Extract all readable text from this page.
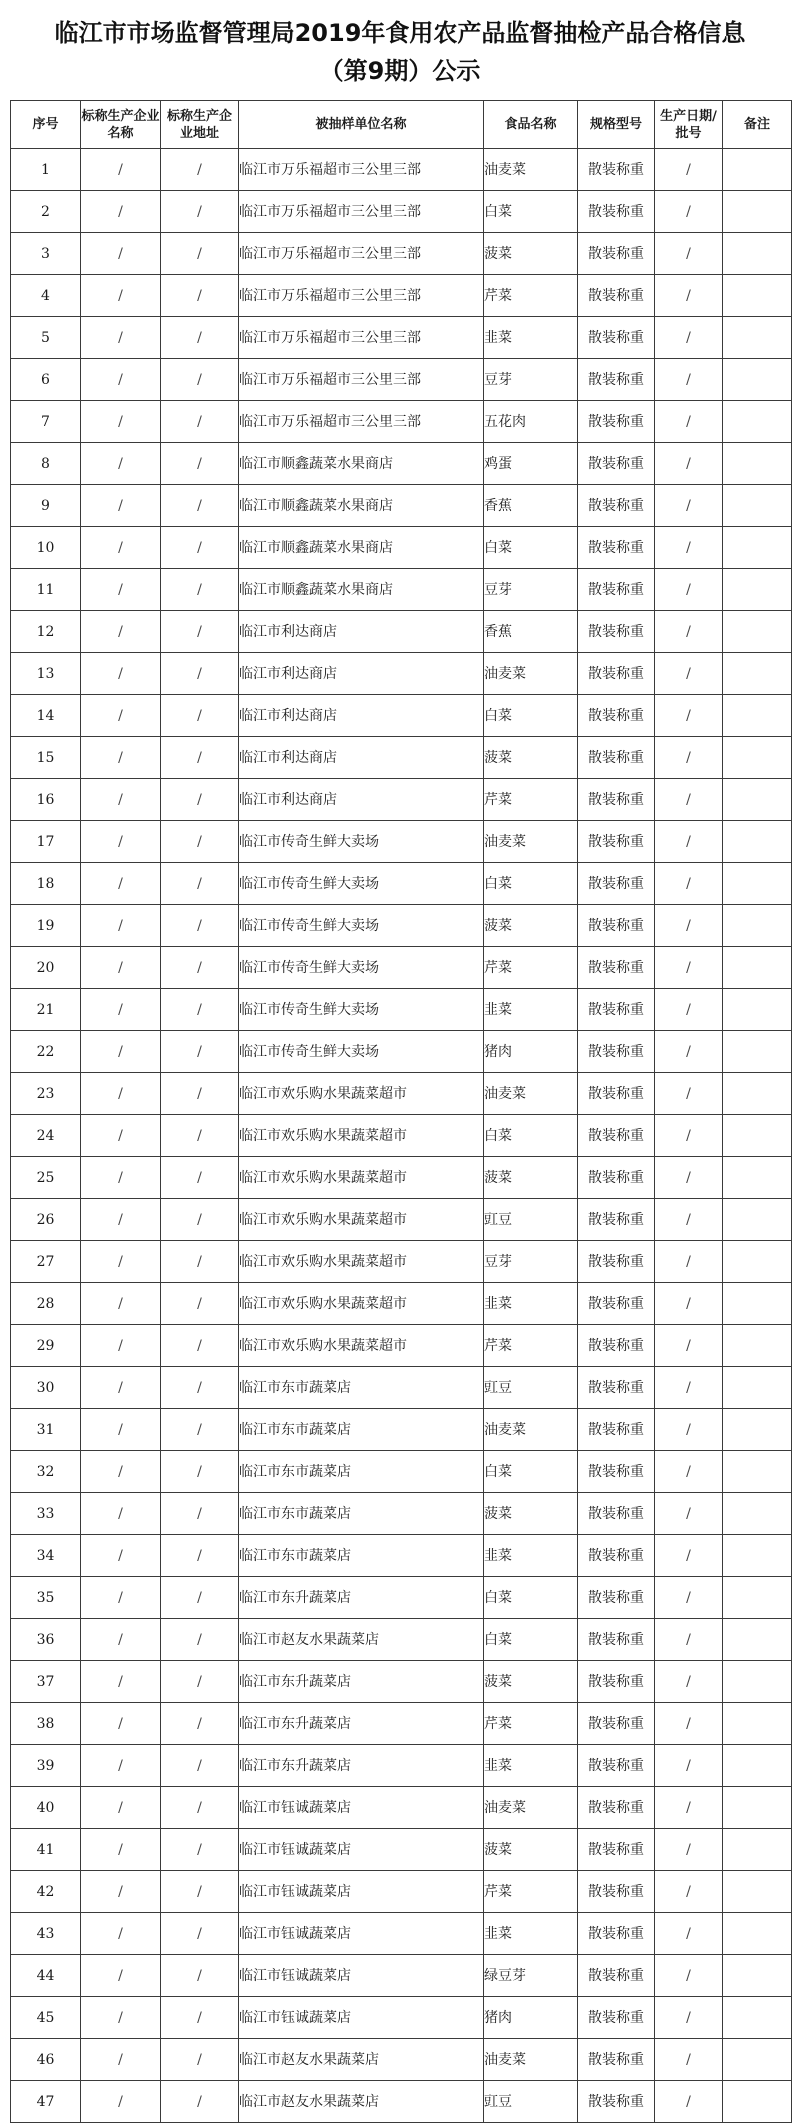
临江市市场监督管理局2019年食用农产品监督抽检产品合格信息
（第9期）公示
序号	标称生产企业名称	标称生产企业地址	被抽样单位名称	食品名称	规格型号	生产日期/批号	备注
1	/	/	临江市万乐福超市三公里三部	油麦菜	散装称重	/	
2	/	/	临江市万乐福超市三公里三部	白菜	散装称重	/	
3	/	/	临江市万乐福超市三公里三部	菠菜	散装称重	/	
4	/	/	临江市万乐福超市三公里三部	芹菜	散装称重	/	
5	/	/	临江市万乐福超市三公里三部	韭菜	散装称重	/	
6	/	/	临江市万乐福超市三公里三部	豆芽	散装称重	/	
7	/	/	临江市万乐福超市三公里三部	五花肉	散装称重	/	
8	/	/	临江市顺鑫蔬菜水果商店	鸡蛋	散装称重	/	
9	/	/	临江市顺鑫蔬菜水果商店	香蕉	散装称重	/	
10	/	/	临江市顺鑫蔬菜水果商店	白菜	散装称重	/	
11	/	/	临江市顺鑫蔬菜水果商店	豆芽	散装称重	/	
12	/	/	临江市利达商店	香蕉	散装称重	/	
13	/	/	临江市利达商店	油麦菜	散装称重	/	
14	/	/	临江市利达商店	白菜	散装称重	/	
15	/	/	临江市利达商店	菠菜	散装称重	/	
16	/	/	临江市利达商店	芹菜	散装称重	/	
17	/	/	临江市传奇生鲜大卖场	油麦菜	散装称重	/	
18	/	/	临江市传奇生鲜大卖场	白菜	散装称重	/	
19	/	/	临江市传奇生鲜大卖场	菠菜	散装称重	/	
20	/	/	临江市传奇生鲜大卖场	芹菜	散装称重	/	
21	/	/	临江市传奇生鲜大卖场	韭菜	散装称重	/	
22	/	/	临江市传奇生鲜大卖场	猪肉	散装称重	/	
23	/	/	临江市欢乐购水果蔬菜超市	油麦菜	散装称重	/	
24	/	/	临江市欢乐购水果蔬菜超市	白菜	散装称重	/	
25	/	/	临江市欢乐购水果蔬菜超市	菠菜	散装称重	/	
26	/	/	临江市欢乐购水果蔬菜超市	豇豆	散装称重	/	
27	/	/	临江市欢乐购水果蔬菜超市	豆芽	散装称重	/	
28	/	/	临江市欢乐购水果蔬菜超市	韭菜	散装称重	/	
29	/	/	临江市欢乐购水果蔬菜超市	芹菜	散装称重	/	
30	/	/	临江市东市蔬菜店	豇豆	散装称重	/	
31	/	/	临江市东市蔬菜店	油麦菜	散装称重	/	
32	/	/	临江市东市蔬菜店	白菜	散装称重	/	
33	/	/	临江市东市蔬菜店	菠菜	散装称重	/	
34	/	/	临江市东市蔬菜店	韭菜	散装称重	/	
35	/	/	临江市东升蔬菜店	白菜	散装称重	/	
36	/	/	临江市赵友水果蔬菜店	白菜	散装称重	/	
37	/	/	临江市东升蔬菜店	菠菜	散装称重	/	
38	/	/	临江市东升蔬菜店	芹菜	散装称重	/	
39	/	/	临江市东升蔬菜店	韭菜	散装称重	/	
40	/	/	临江市钰诚蔬菜店	油麦菜	散装称重	/	
41	/	/	临江市钰诚蔬菜店	菠菜	散装称重	/	
42	/	/	临江市钰诚蔬菜店	芹菜	散装称重	/	
43	/	/	临江市钰诚蔬菜店	韭菜	散装称重	/	
44	/	/	临江市钰诚蔬菜店	绿豆芽	散装称重	/	
45	/	/	临江市钰诚蔬菜店	猪肉	散装称重	/	
46	/	/	临江市赵友水果蔬菜店	油麦菜	散装称重	/	
47	/	/	临江市赵友水果蔬菜店	豇豆	散装称重	/	
